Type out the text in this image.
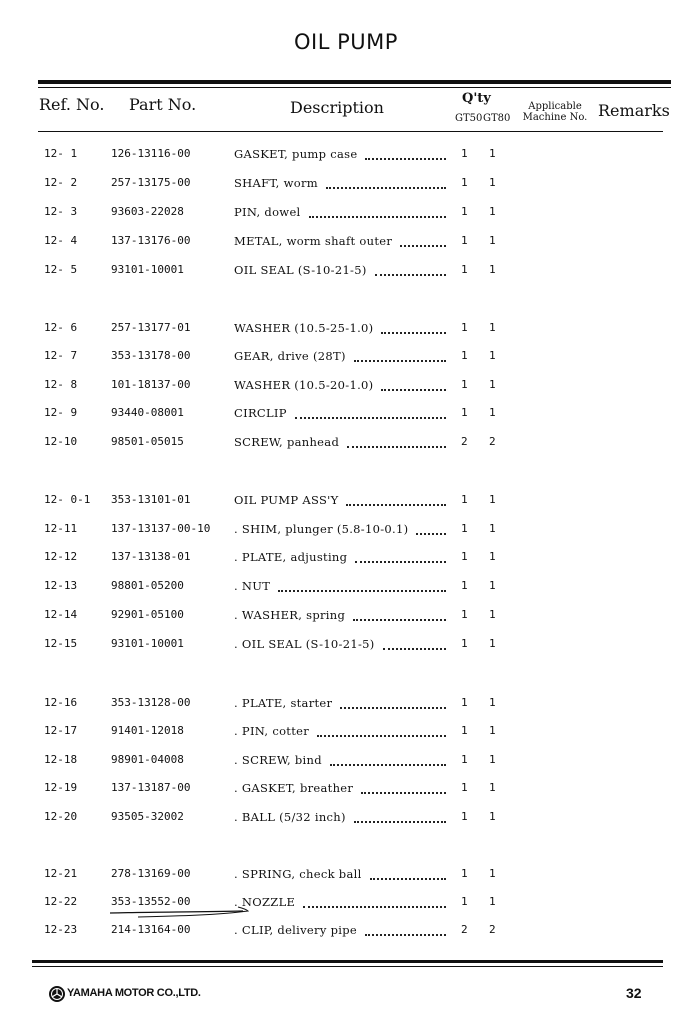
OIL PUMP
Ref. No. Part No.	Description	Q'ty
GT50 GT80
Applicable
Machine No. Remarks
12- 1	126-13116-00	GASKET, pump case	1 1
12- 2	257-13175-00	SHAFT, worm	1 1
12- 3	93603-22028	PIN, dowel	1 1
12- 4	137-13176-00	METAL, worm shaft outer	1 1
12- 5	93101-10001	OIL SEAL (S-10-21-5)	1 1
12- 6	257-13177-01	WASHER (10.5-25-1.0)	1 1
12- 7	353-13178-00	GEAR, drive (28T)	1 1
12- 8	101-18137-00	WASHER (10.5-20-1.0)	1 1
12- 9	93440-08001	CIRCLIP	1 1
12-10	98501-05015	SCREW, panhead	2 2
12- 0-1 353-13101-01	OIL PUMP ASS'Y	1 1
12-11	137-13137-00-10 . SHIM, plunger (5.8-10-0.1)	1 1
12-12	137-13138-01	. PLATE, adjusting	1 1
12-13	98801-05200	. NUT	1 1
12-14	92901-05100	. WASHER, spring	1 1
12-15	93101-10001	. OIL SEAL (S-10-21-5)	1 1
12-16	353-13128-00	. PLATE, starter	1 1
12-17	91401-12018	. PIN, cotter	1 1
12-18	98901-04008	. SCREW, bind	1 1
12-19	137-13187-00	. GASKET, breather	1 1
12-20	93505-32002	. BALL (5/32 inch)	1 1
12-21	278-13169-00	. SPRING, check ball	1 1
12-22	353-13552-00	. NOZZLE	1 1
12-23	214-13164-00	. CLIP, delivery pipe	2 2
YAMAHA MOTOR CO.,LTD.	32
